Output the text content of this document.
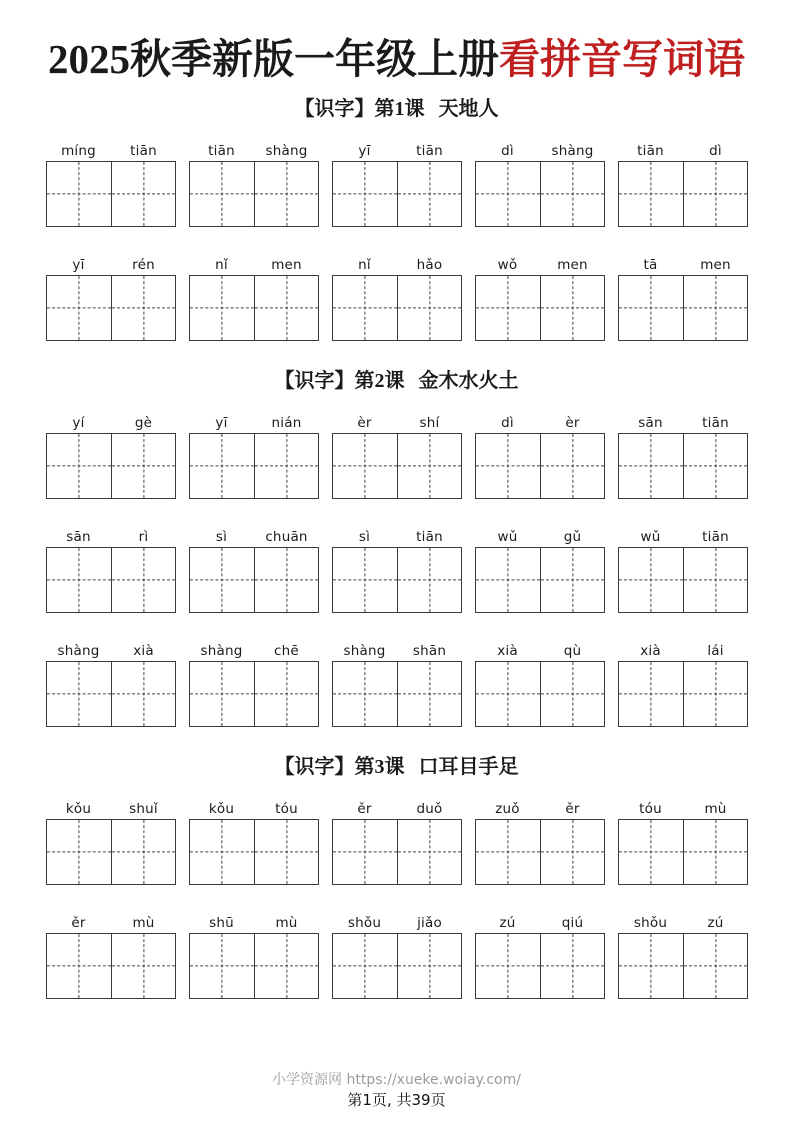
2025秋季新版一年级上册看拼音写词语
【识字】第1课 天地人
míng	tiān	tiān	shàng	yī	tiān	dì	shàng	tiān	dì
yī	rén	nǐ	men	nǐ	hǎo	wǒ	men	tā	men
【识字】第2课 金木水火土
yí	gè	yī	nián	èr	shí	dì	èr	sān	tiān
sān	rì	sì	chuān	sì	tiān	wǔ	gǔ	wǔ	tiān
shàng	xià	shàng	chē	shàng	shān	xià	qù	xià	lái
【识字】第3课 口耳目手足
kǒu	shuǐ	kǒu	tóu	ěr	duǒ	zuǒ	ěr	tóu	mù
ěr	mù	shū	mù	shǒu	jiǎo	zú	qiú	shǒu	zú
小学资源网 https://xueke.woiay.com/
第1页, 共39页
